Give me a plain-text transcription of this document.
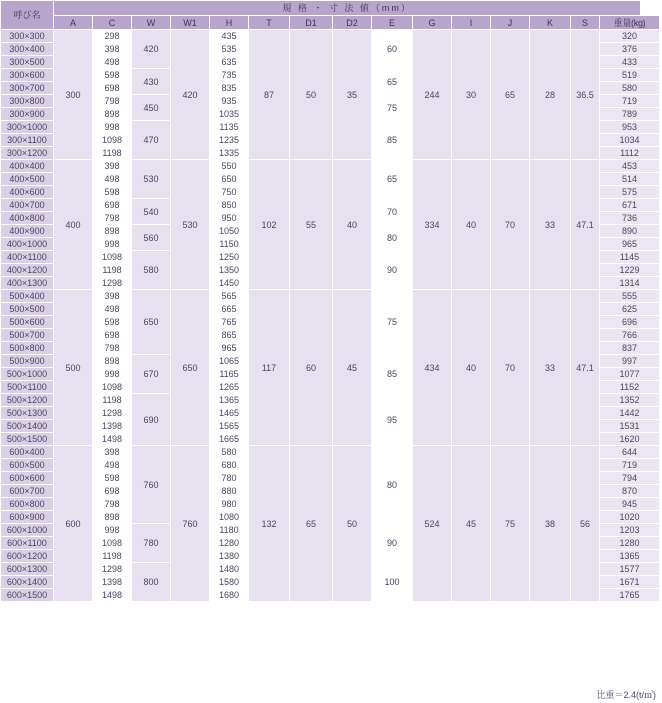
呼び名	規 格 ・ 寸 法 値（mm）														
	A	C	W	W1	H	T	D1	D2	E	G	I	J	K	S	重量(kg)
300×300	300	298	420	420	435	87	50	35	60	244	30	65	28	36.5	320
300×400		398			535										376
300×500		498			635										433
300×600		598	430		735				65						519
300×700		698			835										580
300×800		798	450		935				75						719
300×900		898			1035										789
300×1000		998	470		1135				85						953
300×1100		1098			1235										1034
300×1200		1198			1335										1112
400×400	400	398	530	530	550	102	55	40	65	334	40	70	33	47.1	453
400×500		498			650										514
400×600		598			750										575
400×700		698	540		850				70						671
400×800		798			950										736
400×900		898	560		1050				80						890
400×1000		998			1150										965
400×1100		1098	580		1250				90						1145
400×1200		1198			1350										1229
400×1300		1298			1450										1314
500×400	500	398	650	650	565	117	60	45	75	434	40	70	33	47.1	555
500×500		498			665										625
500×600		598			765										696
500×700		698			865										766
500×800		798			965										837
500×900		898	670		1065				85						997
500×1000		998			1165										1077
500×1100		1098			1265										1152
500×1200		1198	690		1365				95						1352
500×1300		1298			1465										1442
500×1400		1398			1565										1531
500×1500		1498			1665										1620
600×400	600	398	760	760	580	132	65	50	80	524	45	75	38	56	644
600×500		498			680										719
600×600		598			780										794
600×700		698			880										870
600×800		798			980										945
600×900		898			1080										1020
600×1000		998	780		1180				90						1203
600×1100		1098			1280										1280
600×1200		1198			1380										1365
600×1300		1298	800		1480				100						1577
600×1400		1398			1580										1671
600×1500		1498			1680										1765
比重＝2.4(t/㎥)
